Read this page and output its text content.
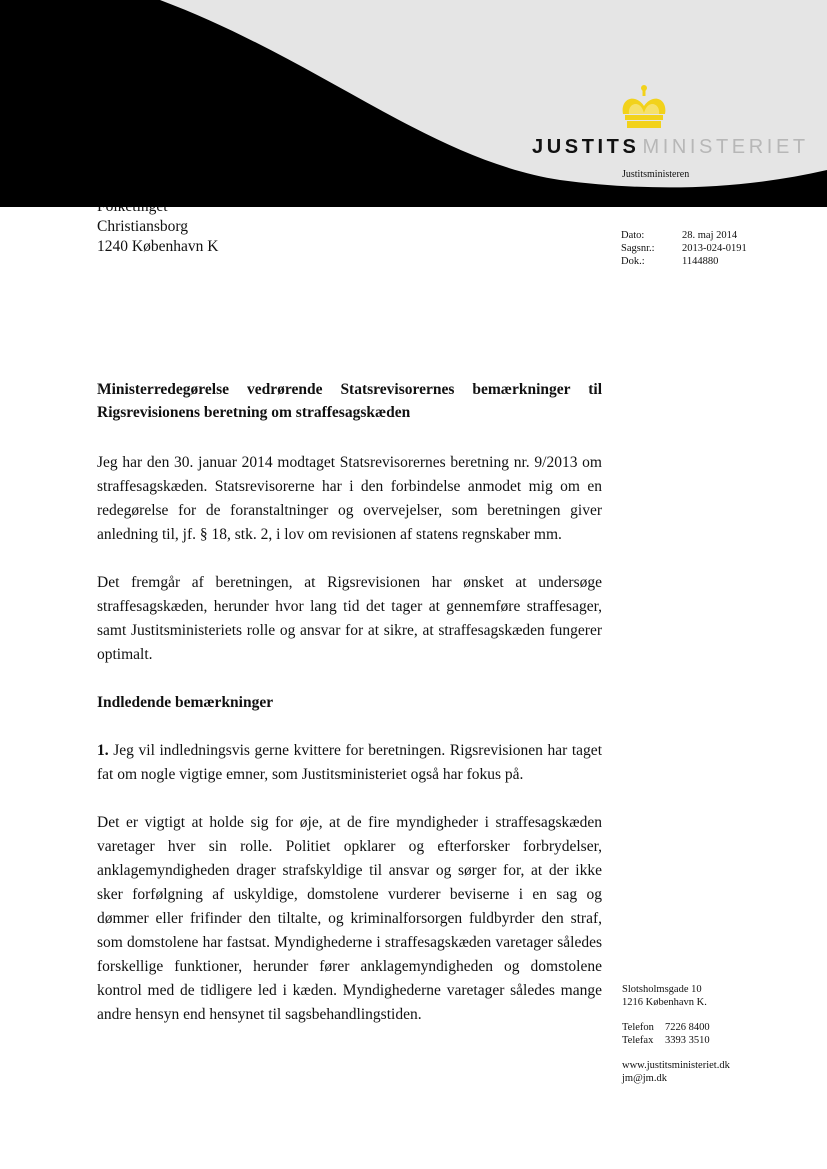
JUSTITS MINISTERIET
Justitsministeren
Christiansborg
1240 København K
Dato:	28. maj 2014
Sagsnr.:	2013-024-0191
Dok.:	1144880
Ministerredegørelse vedrørende Statsrevisorernes bemærkninger til Rigsrevisionens beretning om straffesagskæden

Jeg har den 30. januar 2014 modtaget Statsrevisorernes beretning nr. 9/2013 om straffesagskæden. Statsrevisorerne har i den forbindelse anmodet mig om en redegørelse for de foranstaltninger og overvejelser, som beretningen giver anledning til, jf. § 18, stk. 2, i lov om revisionen af statens regnskaber mm.

Det fremgår af beretningen, at Rigsrevisionen har ønsket at undersøge straffesagskæden, herunder hvor lang tid det tager at gennemføre straffesager, samt Justitsministeriets rolle og ansvar for at sikre, at straffesagskæden fungerer optimalt.

Indledende bemærkninger

1. Jeg vil indledningsvis gerne kvittere for beretningen. Rigsrevisionen har taget fat om nogle vigtige emner, som Justitsministeriet også har fokus på.

Det er vigtigt at holde sig for øje, at de fire myndigheder i straffesagskæden varetager hver sin rolle. Politiet opklarer og efterforsker forbrydelser, anklagemyndigheden drager strafskyldige til ansvar og sørger for, at der ikke sker forfølgning af uskyldige, domstolene vurderer beviserne i en sag og dømmer eller frifinder den tiltalte, og kriminalforsorgen fuldbyrder den straf, som domstolene har fastsat. Myndighederne i straffesagskæden varetager således forskellige funktioner, herunder fører anklagemyndigheden og domstolene kontrol med de tidligere led i kæden. Myndighederne varetager således mange andre hensyn end hensynet til sagsbehandlingstiden.

Slotsholmsgade 10
1216 København K.
Telefon	7226 8400
Telefax	3393 3510
www.justitsministeriet.dk
jm@jm.dk
